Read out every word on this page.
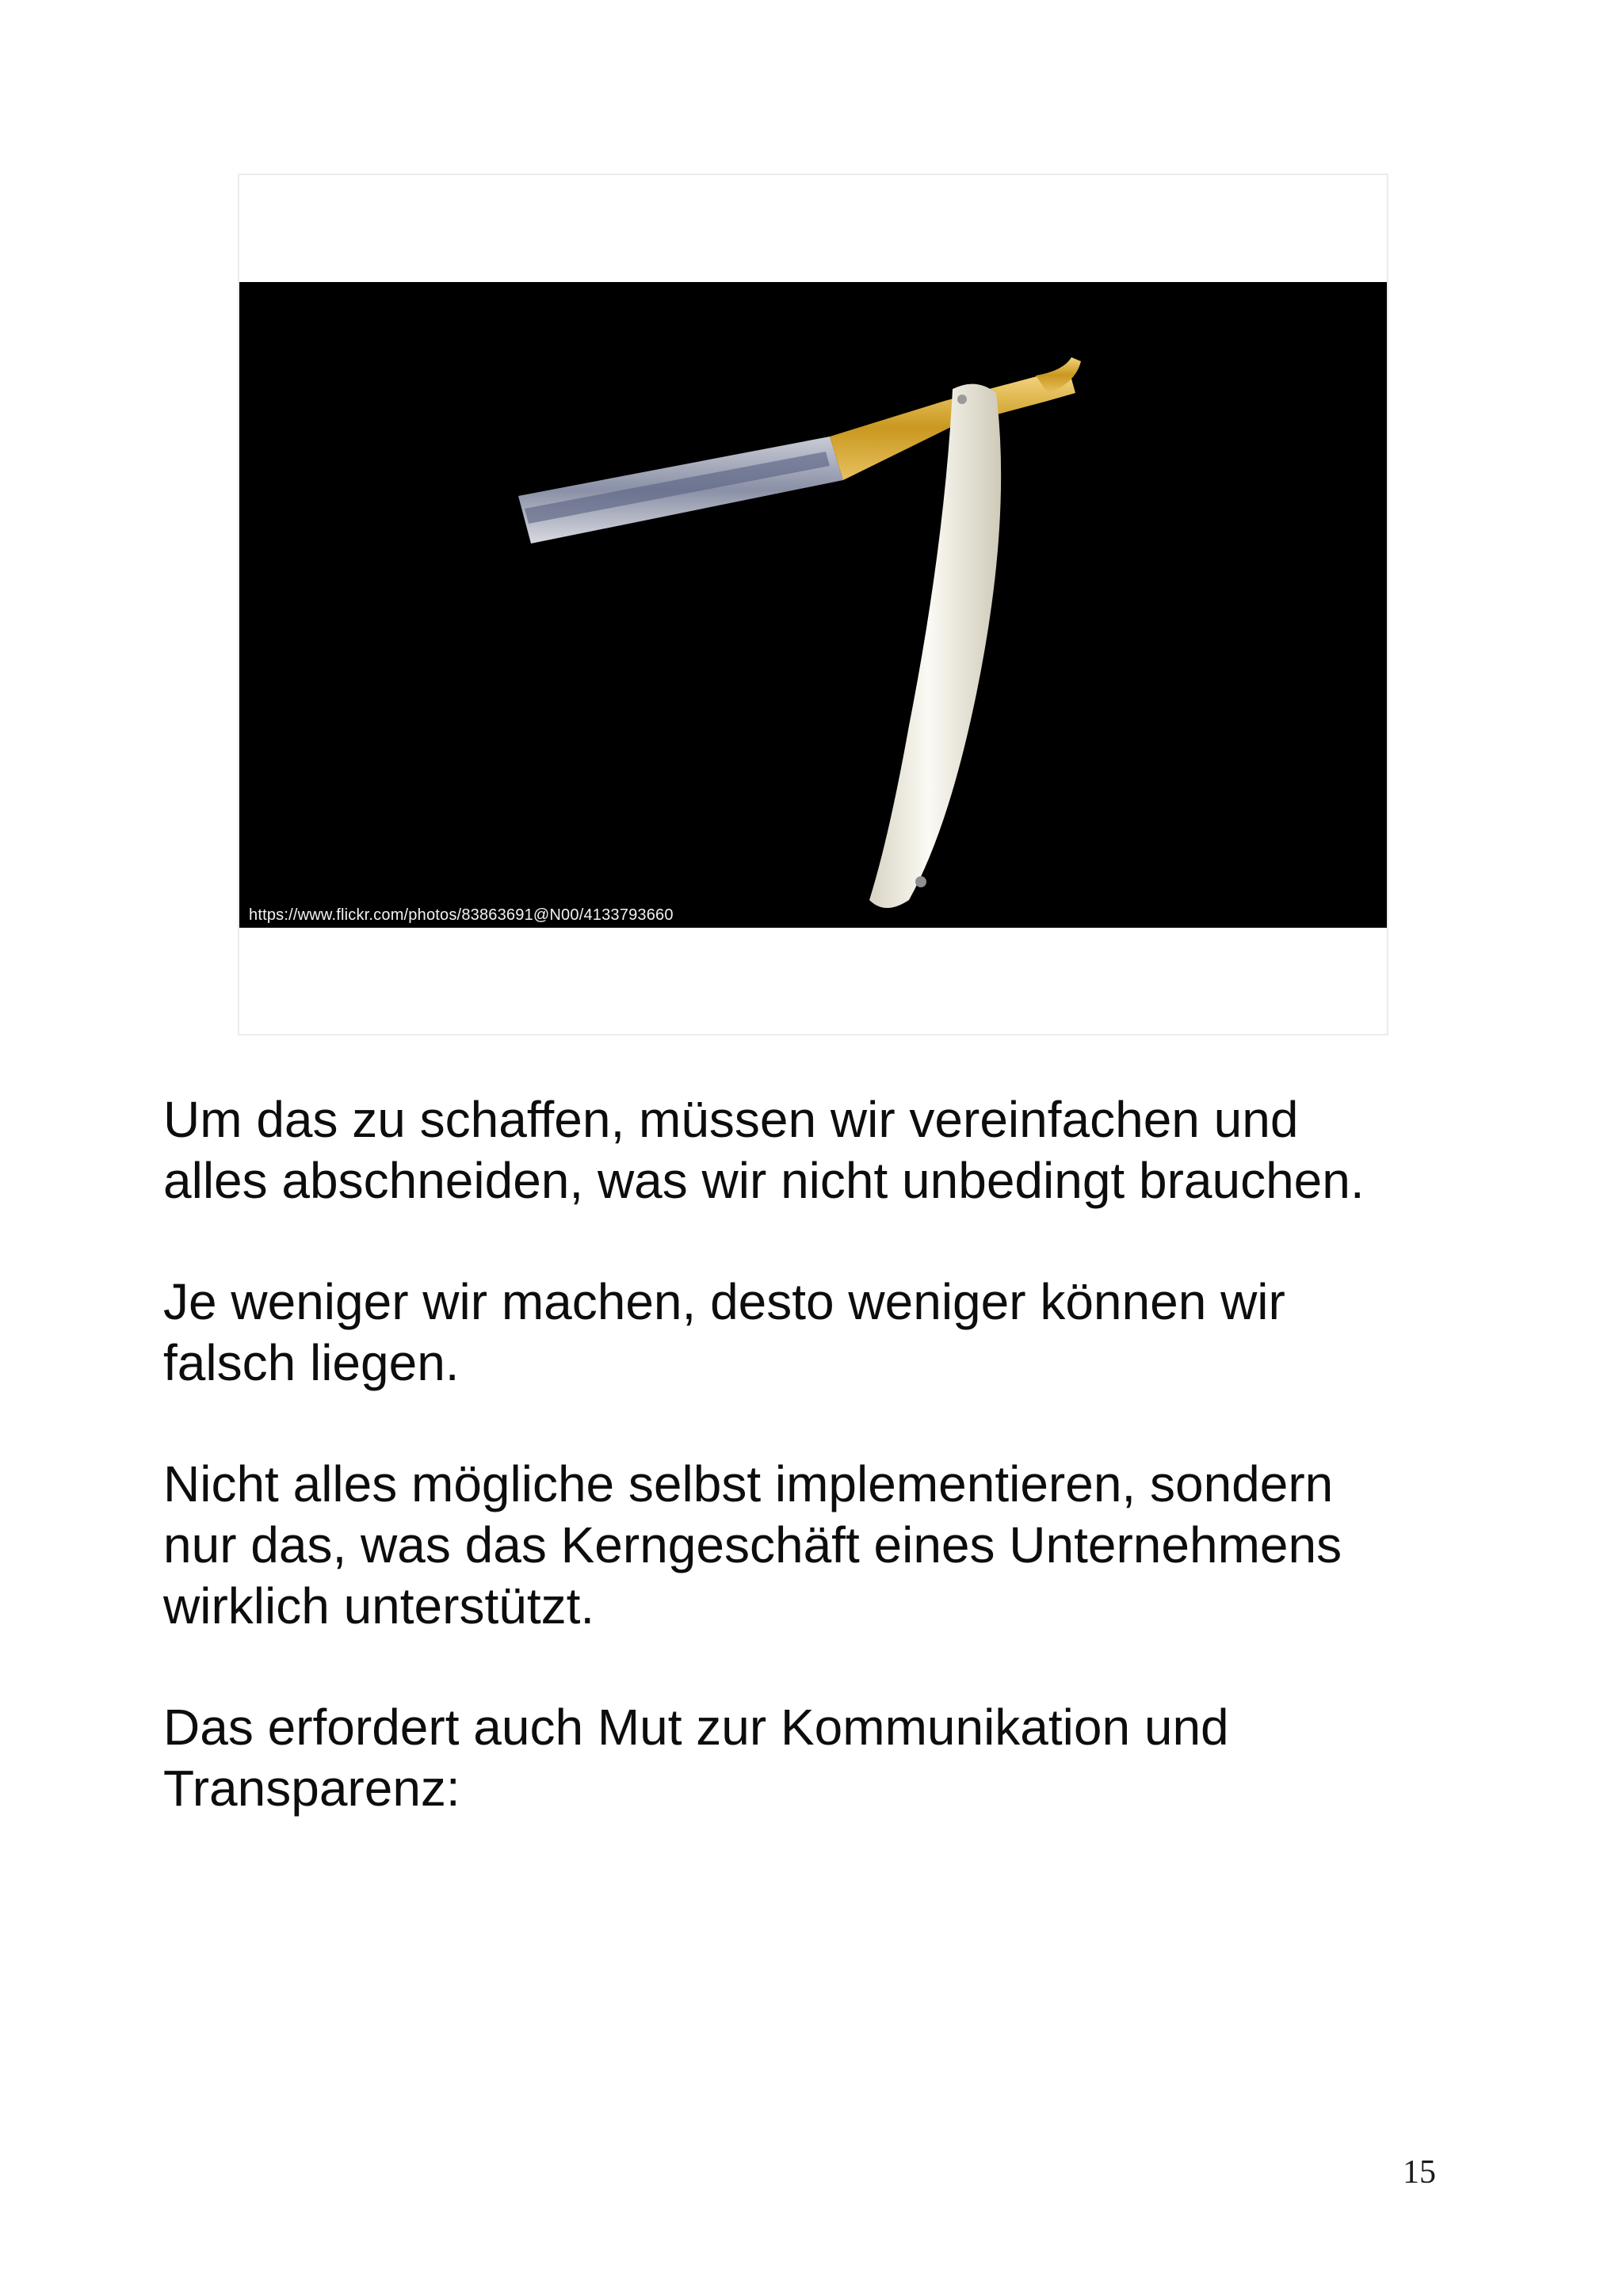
https://www.flickr.com/photos/83863691@N00/4133793660

Um das zu schaffen, müssen wir vereinfachen und
alles abschneiden, was wir nicht unbedingt brauchen.

Je weniger wir machen, desto weniger können wir
falsch liegen.

Nicht alles mögliche selbst implementieren, sondern
nur das, was das Kerngeschäft eines Unternehmens
wirklich unterstützt.

Das erfordert auch Mut zur Kommunikation und
Transparenz:

15
